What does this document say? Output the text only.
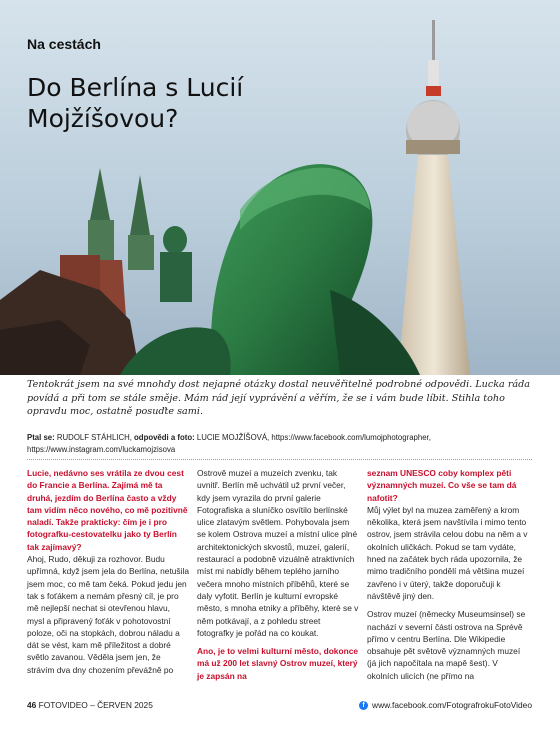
Na cestách
Do Berlína s Lucií Mojžíšovou?

Tentokrát jsem na své mnohdy dost nejapné otázky dostal neuvěřitelně podrobné odpovědi. Lucka ráda povídá a při tom se stále směje. Mám rád její vyprávění a věřím, že se i vám bude líbit. Stihla toho opravdu moc, ostatně posuďte sami.

Ptal se: RUDOLF STÁHLICH, odpovědi a foto: LUCIE MOJŽÍŠOVÁ, https://www.facebook.com/lumojphotographer, https://www.instagram.com/luckamojzisova

Lucie, nedávno ses vrátila ze dvou cest do Francie a Berlína. Zajímá mě ta druhá, jezdím do Berlína často a vždy tam vidím něco nového, co mě pozitivně naladí. Takže prakticky: čím je i pro fotografku-cestovatelku jako ty Berlín tak zajímavý?

Ahoj, Rudo, děkuji za rozhovor. Budu upřímná, když jsem jela do Berlína, netušila jsem moc, co mě tam čeká. Pokud jedu jen tak s foťákem a nemám přesný cíl, je pro mě nejlepší nechat si otevřenou hlavu, mysl a připravený foťák v pohotovostní poloze, oči na stopkách, dobrou náladu a dát se vést, kam mě příležitost a dobré světlo zavanou. Věděla jsem jen, že strávím dva dny chozením převážně po

Ostrově muzeí a muzeích zvenku, tak uvnitř. Berlín mě uchvátil už první večer, kdy jsem vyrazila do první galerie Fotografiska a sluníčko osvítilo berlínské ulice zlatavým světlem. Pohybovala jsem se kolem Ostrova muzeí a místní ulice plné architektonických skvostů, muzeí, galerií, restaurací a podobně vizuálně atraktivních míst mi nabídly během teplého jarního večera mnoho místních příběhů, které se daly vyfotit. Berlín je kulturní evropské město, s mnoha etniky a příběhy, které se v něm potkávají, a z pohledu street fotografky je pořád na co koukat.

Ano, je to velmi kulturní město, dokonce má už 200 let slavný Ostrov muzeí, který je zapsán na

seznam UNESCO coby komplex pěti významných muzeí. Co vše se tam dá nafotit?

Můj výlet byl na muzea zaměřený a krom několika, která jsem navštívila i mimo tento ostrov, jsem strávila celou dobu na něm a v okolních uličkách. Pokud se tam vydáte, hned na začátek bych ráda upozornila, že mimo tradičního pondělí má většina muzeí zavřeno i v úterý, takže doporučuji k návštěvě jiný den.

Ostrov muzeí (německy Museumsinsel) se nachází v severní části ostrova na Sprévě přímo v centru Berlína. Dle Wikipedie obsahuje pět světově významných muzeí (já jich napočítala na mapě šest). V okolních ulicích (ne přímo na

46 FOTOVIDEO – ČERVEN 2025	f www.facebook.com/FotografrokuFotoVideo
